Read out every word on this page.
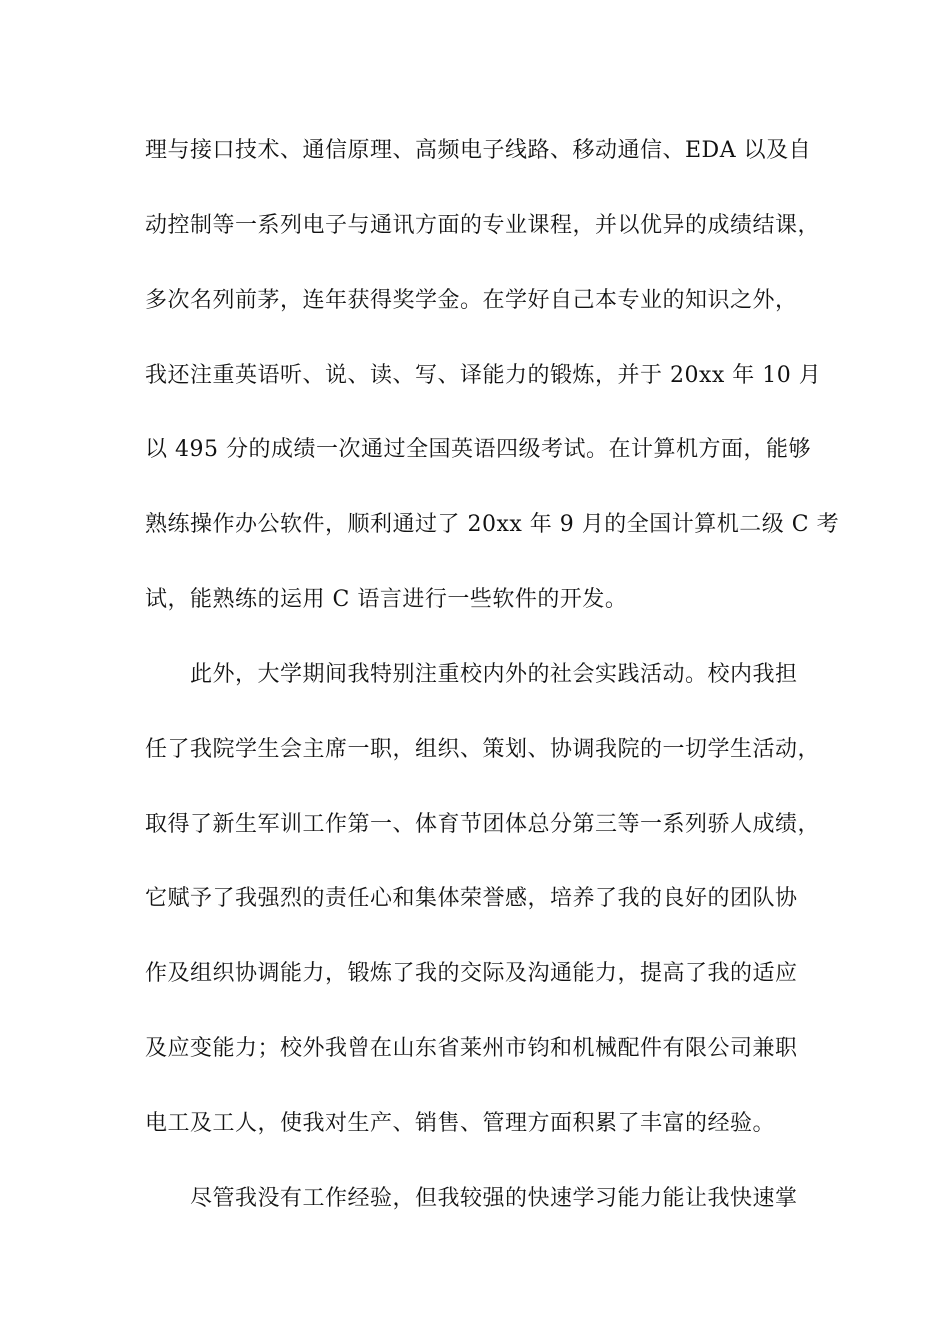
理与接口技术、通信原理、高频电子线路、移动通信、EDA 以及自
动控制等一系列电子与通讯方面的专业课程，并以优异的成绩结课，
多次名列前茅，连年获得奖学金。在学好自己本专业的知识之外，
我还注重英语听、说、读、写、译能力的锻炼，并于 20xx 年 10 月
以 495 分的成绩一次通过全国英语四级考试。在计算机方面，能够
熟练操作办公软件，顺利通过了 20xx 年 9 月的全国计算机二级 C 考
试，能熟练的运用 C 语言进行一些软件的开发。
此外，大学期间我特别注重校内外的社会实践活动。校内我担
任了我院学生会主席一职，组织、策划、协调我院的一切学生活动，
取得了新生军训工作第一、体育节团体总分第三等一系列骄人成绩，
它赋予了我强烈的责任心和集体荣誉感，培养了我的良好的团队协
作及组织协调能力，锻炼了我的交际及沟通能力，提高了我的适应
及应变能力；校外我曾在山东省莱州市钧和机械配件有限公司兼职
电工及工人，使我对生产、销售、管理方面积累了丰富的经验。
尽管我没有工作经验，但我较强的快速学习能力能让我快速掌
